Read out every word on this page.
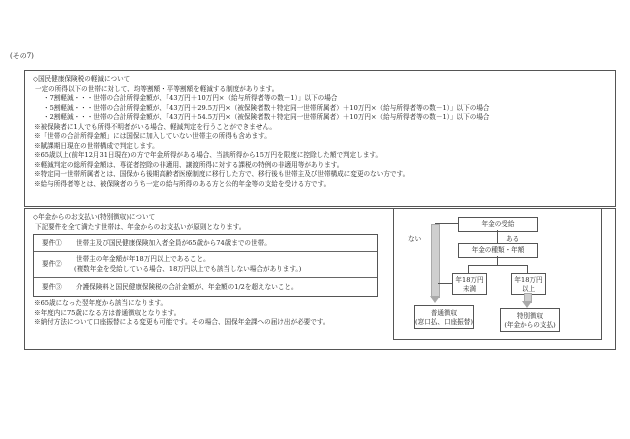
(その7)
◇国民健康保険税の軽減について
一定の所得以下の世帯に対して、均等割額・平等割額を軽減する制度があります。
・7割軽減・・・世帯の合計所得金額が、「43万円＋10万円×（給与所得者等の数－1）」以下の場合
・5割軽減・・・世帯の合計所得金額が、「43万円＋29.5万円×（被保険者数＋特定同一世帯所属者）＋10万円×（給与所得者等の数－1）」以下の場合
・2割軽減・・・世帯の合計所得金額が、「43万円＋54.5万円×（被保険者数＋特定同一世帯所属者）＋10万円×（給与所得者等の数－1）」以下の場合
※被保険者に1人でも所得不明者がいる場合、軽減判定を行うことができません。
※「世帯の合計所得金額」には国保に加入していない世帯主の所得も含めます。
※賦課期日現在の世帯構成で判定します。
※65歳以上(前年12月31日現在)の方で年金所得がある場合、当該所得から15万円を限度に控除した額で判定します。
※軽減判定の総所得金額は、専従者控除の非適用、譲渡所得に対する課税の特例の非適用等があります。
※特定同一世帯所属者とは、国保から後期高齢者医療制度に移行した方で、移行後も世帯主及び世帯構成に変更のない方です。
※給与所得者等とは、被保険者のうち一定の給与所得のある方と公的年金等の支給を受ける方です。
◇年金からのお支払い(特別徴収)について
下記要件を全て満たす世帯は、年金からのお支払いが原則となります。
要件① 世帯主及び国民健康保険加入者全員が65歳から74歳までの世帯。
要件②
世帯主の年金額が年18万円以上であること。
(複数年金を受給している場合、18万円以上でも該当しない場合があります。)
要件③ 介護保険料と国民健康保険税の合計金額が、年金額の1/2を超えないこと。
※65歳になった翌年度から該当になります。
※年度内に75歳になる方は普通徴収となります。
※納付方法について口座振替による変更も可能です。その場合、国保年金課への届け出が必要です。
年金の受給
ない	ある
年金の種類・年額
年18万円
未満
年18万円
以上
普通徴収
(窓口払、口座振替)
特別徴収
(年金からの支払)
